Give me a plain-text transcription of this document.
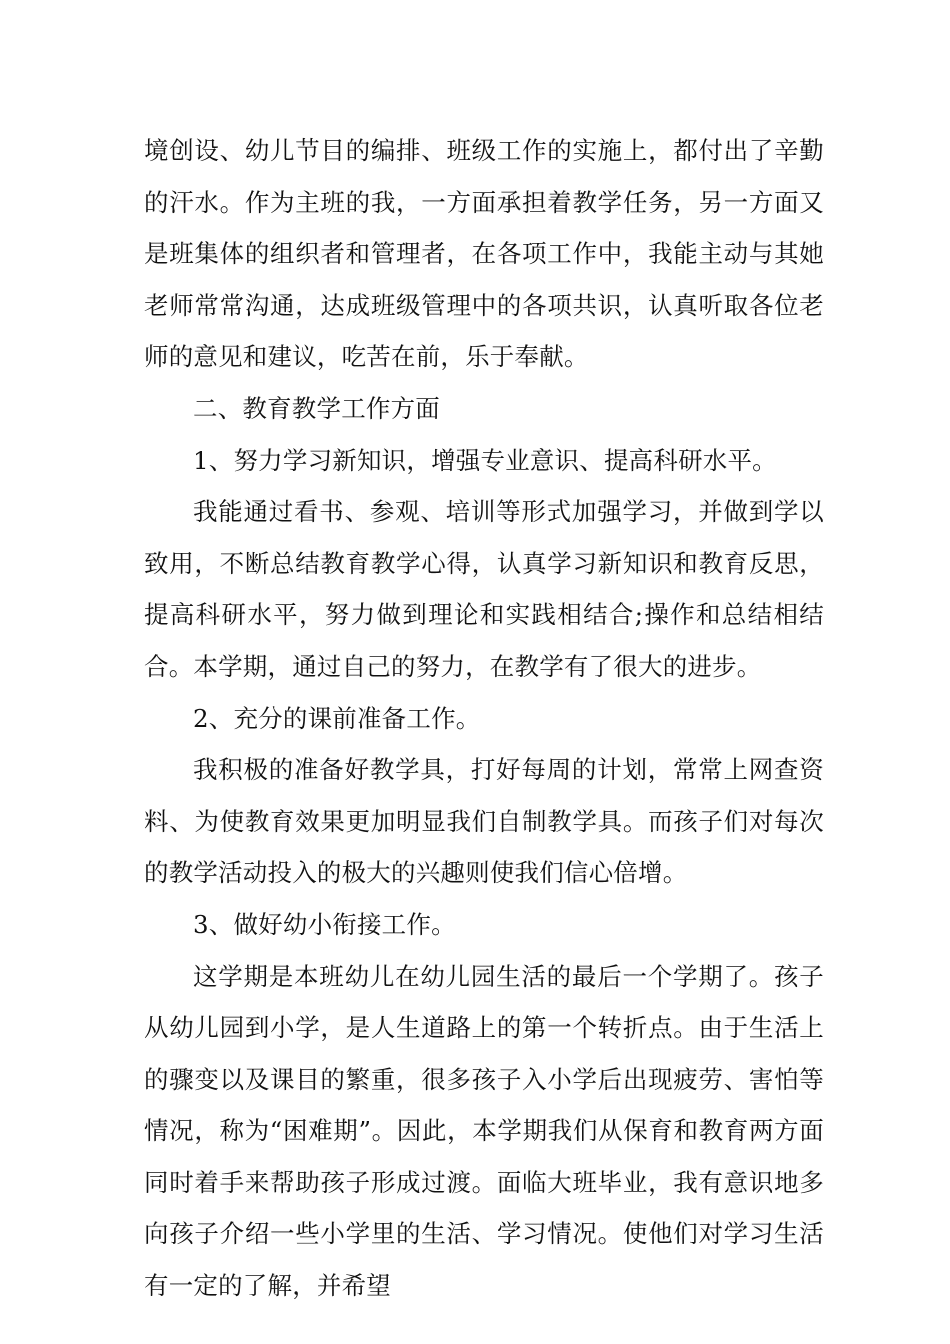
境创设、幼儿节目的编排、班级工作的实施上，都付出了辛勤的汗水。作为主班的我，一方面承担着教学任务，另一方面又是班集体的组织者和管理者，在各项工作中，我能主动与其她老师常常沟通，达成班级管理中的各项共识，认真听取各位老师的意见和建议，吃苦在前，乐于奉献。

二、教育教学工作方面

1、努力学习新知识，增强专业意识、提高科研水平。

我能通过看书、参观、培训等形式加强学习，并做到学以致用，不断总结教育教学心得，认真学习新知识和教育反思，提高科研水平，努力做到理论和实践相结合;操作和总结相结合。本学期，通过自己的努力，在教学有了很大的进步。

2、充分的课前准备工作。

我积极的准备好教学具，打好每周的计划，常常上网查资料、为使教育效果更加明显我们自制教学具。而孩子们对每次的教学活动投入的极大的兴趣则使我们信心倍增。

3、做好幼小衔接工作。

这学期是本班幼儿在幼儿园生活的最后一个学期了。孩子从幼儿园到小学，是人生道路上的第一个转折点。由于生活上的骤变以及课目的繁重，很多孩子入小学后出现疲劳、害怕等情况，称为“困难期”。因此，本学期我们从保育和教育两方面同时着手来帮助孩子形成过渡。面临大班毕业，我有意识地多向孩子介绍一些小学里的生活、学习情况。使他们对学习生活有一定的了解，并希望
